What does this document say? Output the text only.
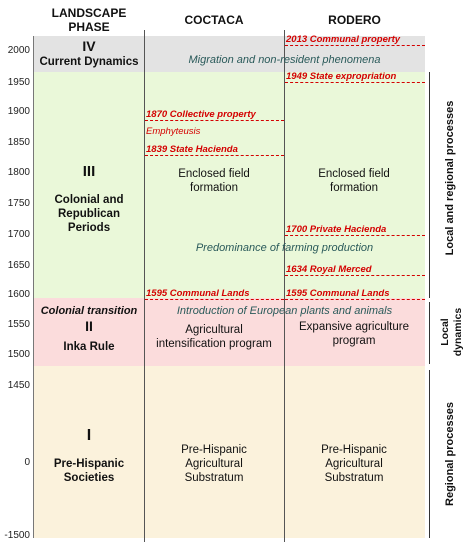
LANDSCAPE
PHASE	COCTACA	RODERO
2000
1950
1900
1850
1800
1750
1700
1650
1600
1550
1500
1450
0
-1500
IV
Current Dynamics
III
Colonial and Republican Periods
Colonial transition
II
Inka Rule
I
Pre-Hispanic Societies
2013 Communal property
1949 State expropriation
1700 Private Hacienda
1634 Royal Merced
1595 Communal Lands
1870 Collective property
Emphyteusis
1839 State Hacienda
1595 Communal Lands
Migration and non-resident phenomena
Predominance of farming production
Introduction of European plants and animals
Enclosed field formation
Enclosed field formation
Agricultural intensification program
Expansive agriculture program
Pre-Hispanic Agricultural Substratum
Pre-Hispanic Agricultural Substratum
Local and regional processes
Local dynamics
Regional processes
